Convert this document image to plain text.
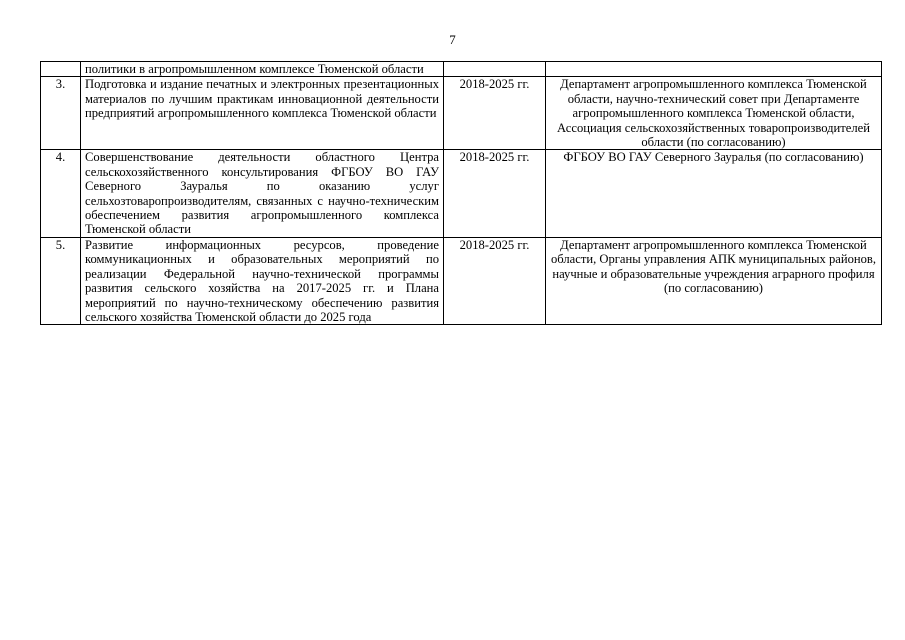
7
	политики в агропромышленном комплексе Тюменской области		
3.	Подготовка и издание печатных и электронных презентационных материалов по лучшим практикам инновационной деятельности предприятий агропромышленного комплекса Тюменской области	2018-2025 гг.	Департамент агропромышленного комплекса Тюменской области, научно-технический совет при Департаменте агропромышленного комплекса Тюменской области, Ассоциация сельскохозяйственных товаропроизводителей области (по согласованию)
4.	Совершенствование деятельности областного Центра сельскохозяйственного консультирования ФГБОУ ВО ГАУ Северного Зауралья по оказанию услуг сельхозтоваропроизводителям, связанных с научно-техническим обеспечением развития агропромышленного комплекса Тюменской области	2018-2025 гг.	ФГБОУ ВО ГАУ Северного Зауралья (по согласованию)
5.	Развитие информационных ресурсов, проведение коммуникационных и образовательных мероприятий по реализации Федеральной научно-технической программы развития сельского хозяйства на 2017-2025 гг. и Плана мероприятий по научно-техническому обеспечению развития сельского хозяйства Тюменской области до 2025 года	2018-2025 гг.	Департамент агропромышленного комплекса Тюменской области, Органы управления АПК муниципальных районов, научные и образовательные учреждения аграрного профиля (по согласованию)
